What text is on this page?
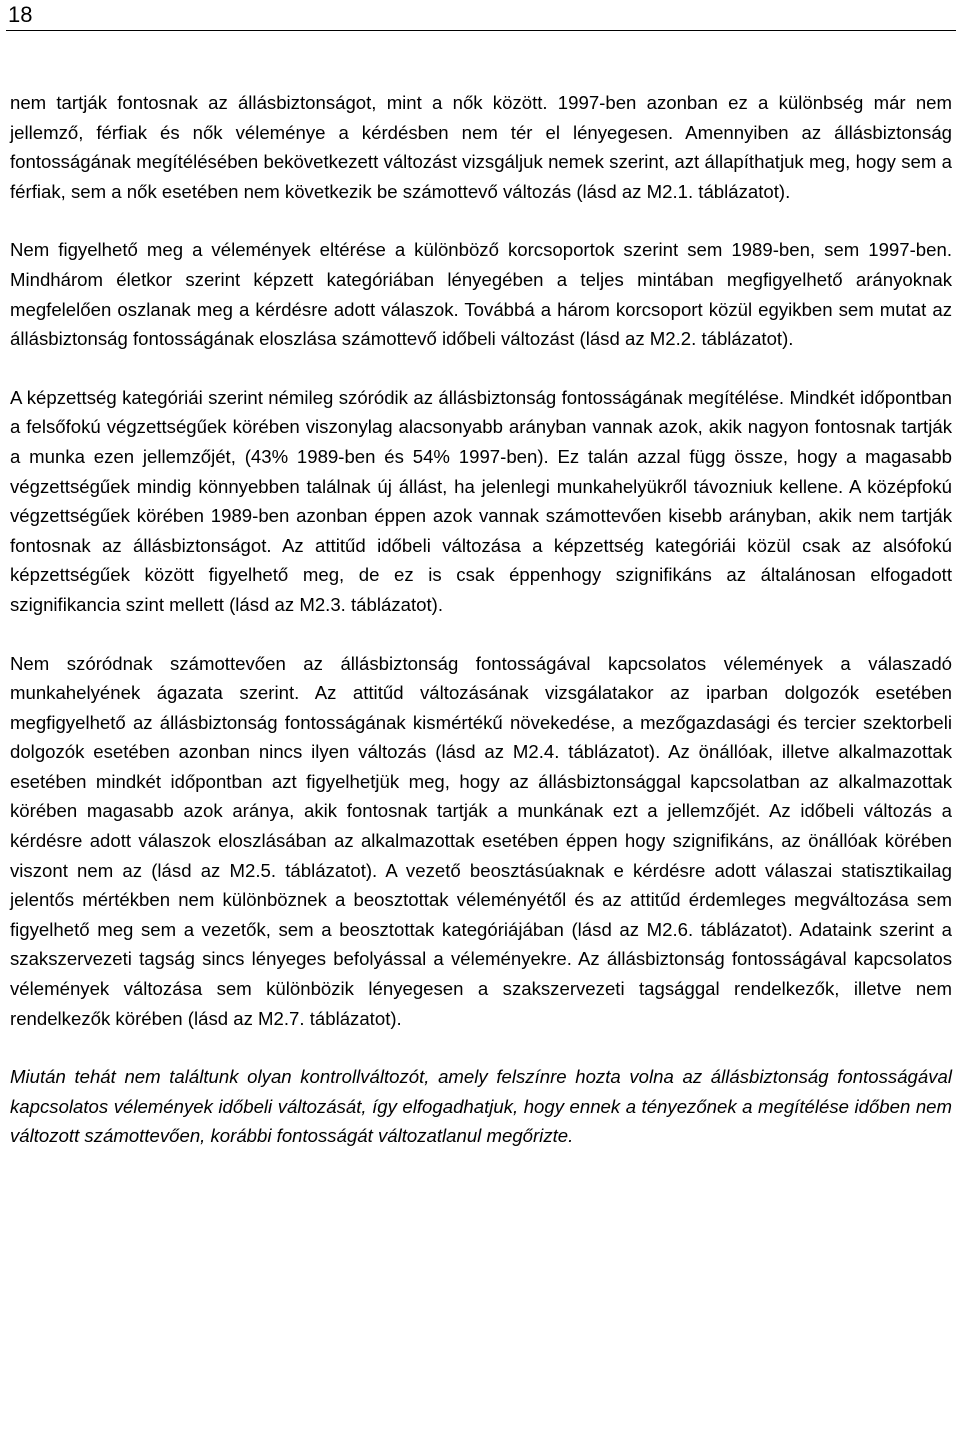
18

nem tartják fontosnak az állásbiztonságot, mint a nők között. 1997-ben azonban ez a különbség már nem jellemző, férfiak és nők véleménye a kérdésben nem tér el lényegesen. Amennyiben az állásbiztonság fontosságának megítélésében bekövetkezett változást vizsgáljuk nemek szerint, azt állapíthatjuk meg, hogy sem a férfiak, sem a nők esetében nem következik be számottevő változás (lásd az M2.1. táblázatot).

Nem figyelhető meg a vélemények eltérése a különböző korcsoportok szerint sem 1989-ben, sem 1997-ben. Mindhárom életkor szerint képzett kategóriában lényegében a teljes mintában megfigyelhető arányoknak megfelelően oszlanak meg a kérdésre adott válaszok. Továbbá a három korcsoport közül egyikben sem mutat az állásbiztonság fontosságának eloszlása számottevő időbeli változást (lásd az M2.2. táblázatot).

A képzettség kategóriái szerint némileg szóródik az állásbiztonság fontosságának megítélése. Mindkét időpontban a felsőfokú végzettségűek körében viszonylag alacsonyabb arányban vannak azok, akik nagyon fontosnak tartják a munka ezen jellemzőjét, (43% 1989-ben és 54% 1997-ben). Ez talán azzal függ össze, hogy a magasabb végzettségűek mindig könnyebben találnak új állást, ha jelenlegi munkahelyükről távozniuk kellene. A középfokú végzettségűek körében 1989-ben azonban éppen azok vannak számottevően kisebb arányban, akik nem tartják fontosnak az állásbiztonságot. Az attitűd időbeli változása a képzettség kategóriái közül csak az alsófokú képzettségűek között figyelhető meg, de ez is csak éppenhogy szignifikáns az általánosan elfogadott szignifikancia szint mellett (lásd az M2.3. táblázatot).

Nem szóródnak számottevően az állásbiztonság fontosságával kapcsolatos vélemények a válaszadó munkahelyének ágazata szerint. Az attitűd változásának vizsgálatakor az iparban dolgozók esetében megfigyelhető az állásbiztonság fontosságának kismértékű növekedése, a mezőgazdasági és tercier szektorbeli dolgozók esetében azonban nincs ilyen változás (lásd az M2.4. táblázatot). Az önállóak, illetve alkalmazottak esetében mindkét időpontban azt figyelhetjük meg, hogy az állásbiztonsággal kapcsolatban az alkalmazottak körében magasabb azok aránya, akik fontosnak tartják a munkának ezt a jellemzőjét. Az időbeli változás a kérdésre adott válaszok eloszlásában az alkalmazottak esetében éppen hogy szignifikáns, az önállóak körében viszont nem az (lásd az M2.5. táblázatot). A vezető beosztásúaknak e kérdésre adott válaszai statisztikailag jelentős mértékben nem különböznek a beosztottak véleményétől és az attitűd érdemleges megváltozása sem figyelhető meg sem a vezetők, sem a beosztottak kategóriájában (lásd az M2.6. táblázatot). Adataink szerint a szakszervezeti tagság sincs lényeges befolyással a véleményekre. Az állásbiztonság fontosságával kapcsolatos vélemények változása sem különbözik lényegesen a szakszervezeti tagsággal rendelkezők, illetve nem rendelkezők körében (lásd az M2.7. táblázatot).

Miután tehát nem találtunk olyan kontrollváltozót, amely felszínre hozta volna az állásbiztonság fontosságával kapcsolatos vélemények időbeli változását, így elfogadhatjuk, hogy ennek a tényezőnek a megítélése időben nem változott számottevően, korábbi fontosságát változatlanul megőrizte.
